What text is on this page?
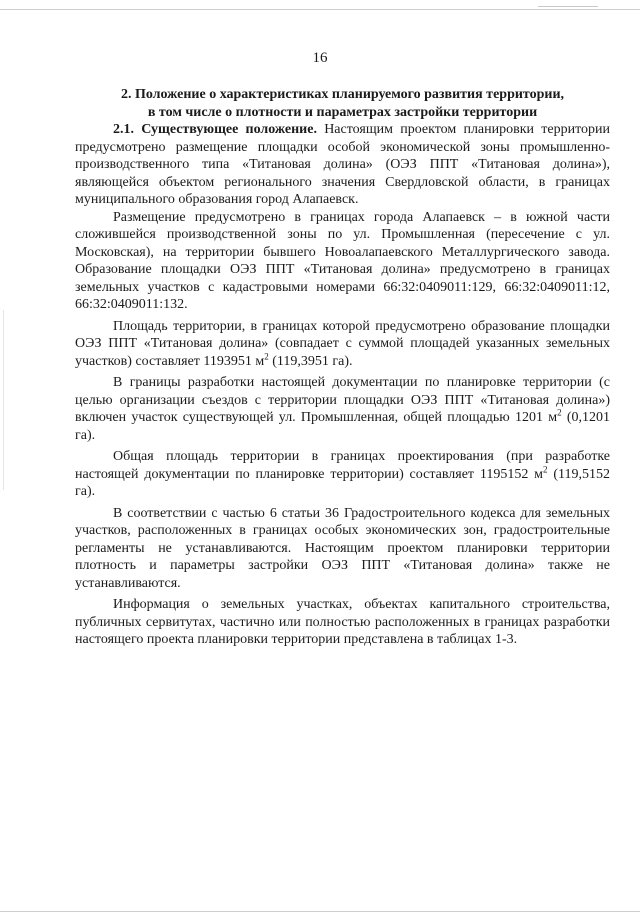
16

2. Положение о характеристиках планируемого развития территории,
в том числе о плотности и параметрах застройки территории

2.1. Существующее положение. Настоящим проектом планировки территории предусмотрено размещение площадки особой экономической зоны промышленно-производственного типа «Титановая долина» (ОЭЗ ППТ «Титановая долина»), являющейся объектом регионального значения Свердловской области, в границах муниципального образования город Алапаевск.

Размещение предусмотрено в границах города Алапаевск – в южной части сложившейся производственной зоны по ул. Промышленная (пересечение с ул. Московская), на территории бывшего Новоалапаевского Металлургического завода. Образование площадки ОЭЗ ППТ «Титановая долина» предусмотрено в границах земельных участков с кадастровыми номерами 66:32:0409011:129, 66:32:0409011:12, 66:32:0409011:132.

Площадь территории, в границах которой предусмотрено образование площадки ОЭЗ ППТ «Титановая долина» (совпадает с суммой площадей указанных земельных участков) составляет 1193951 $м^2$ (119,3951 га).

В границы разработки настоящей документации по планировке территории (с целью организации съездов с территории площадки ОЭЗ ППТ «Титановая долина») включен участок существующей ул. Промышленная, общей площадью 1201 $м^2$ (0,1201 га).

Общая площадь территории в границах проектирования (при разработке настоящей документации по планировке территории) составляет 1195152 $м^2$ (119,5152 га).

В соответствии с частью 6 статьи 36 Градостроительного кодекса для земельных участков, расположенных в границах особых экономических зон, градостроительные регламенты не устанавливаются. Настоящим проектом планировки территории плотность и параметры застройки ОЭЗ ППТ «Титановая долина» также не устанавливаются.

Информация о земельных участках, объектах капитального строительства, публичных сервитутах, частично или полностью расположенных в границах разработки настоящего проекта планировки территории представлена в таблицах 1-3.
